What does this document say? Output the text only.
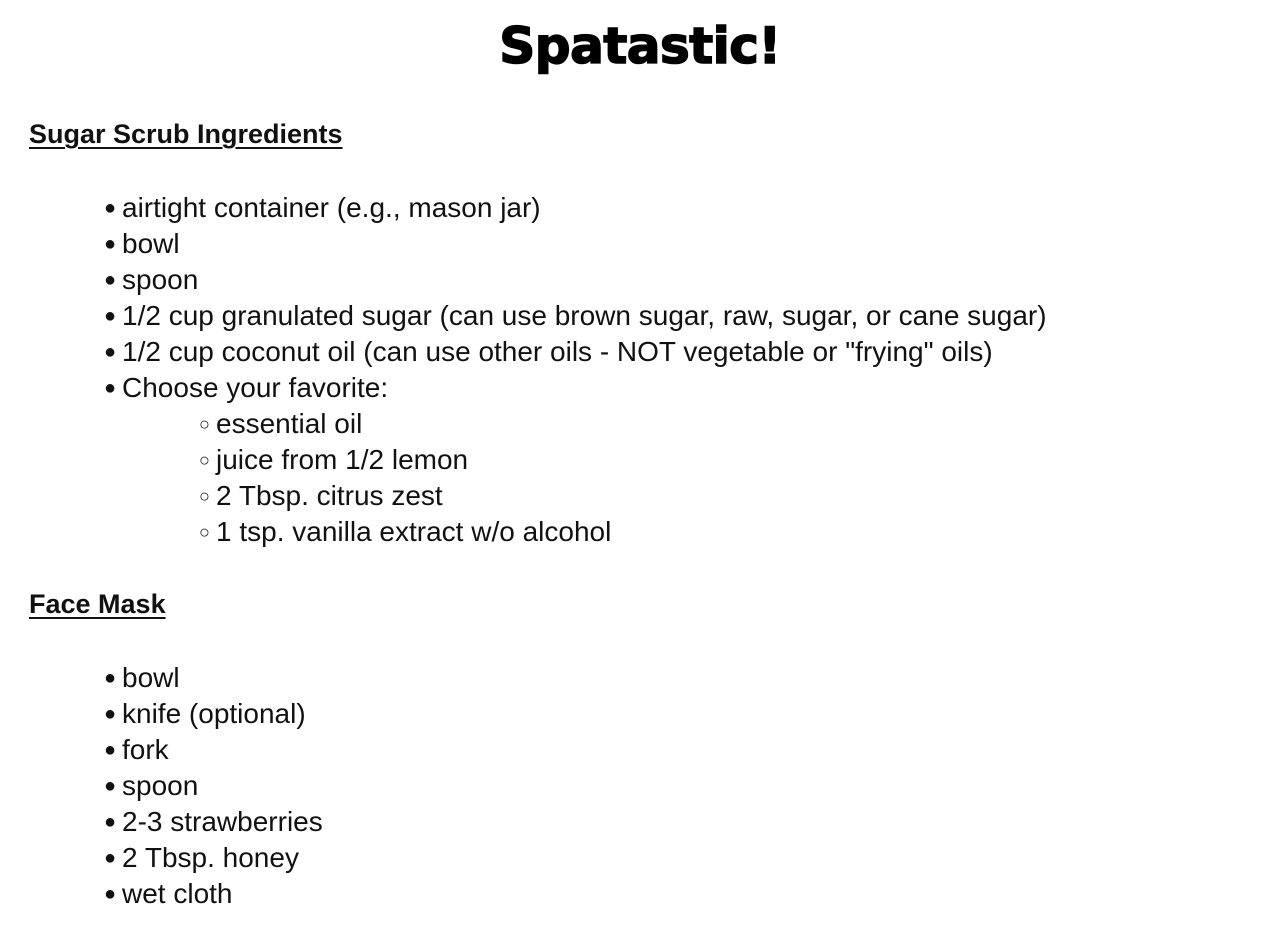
Spatastic!
Sugar Scrub Ingredients
● airtight container (e.g., mason jar)
● bowl
● spoon
● 1/2 cup granulated sugar (can use brown sugar, raw, sugar, or cane sugar)
● 1/2 cup coconut oil (can use other oils - NOT vegetable or "frying" oils)
● Choose your favorite:
○ essential oil
○ juice from 1/2 lemon
○ 2 Tbsp. citrus zest
○ 1 tsp. vanilla extract w/o alcohol
Face Mask
● bowl
● knife (optional)
● fork
● spoon
● 2-3 strawberries
● 2 Tbsp. honey
● wet cloth
